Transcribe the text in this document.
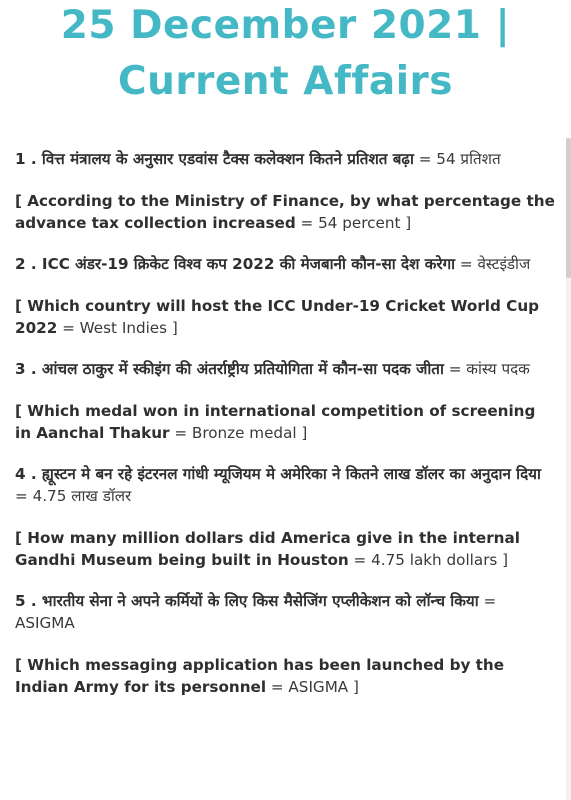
25 December 2021 |
Current Affairs

1 . वित्त मंत्रालय के अनुसार एडवांस टैक्स कलेक्शन कितने प्रतिशत बढ़ा = 54 प्रतिशत

[ According to the Ministry of Finance, by what percentage the advance tax collection increased = 54 percent ]

2 . ICC अंडर-19 क्रिकेट विश्व कप 2022 की मेजबानी कौन-सा देश करेगा = वेस्टइंडीज

[ Which country will host the ICC Under-19 Cricket World Cup 2022 = West Indies ]

3 . आंचल ठाकुर में स्कीइंग की अंतर्राष्ट्रीय प्रतियोगिता में कौन-सा पदक जीता = कांस्य पदक

[ Which medal won in international competition of screening in Aanchal Thakur = Bronze medal ]

4 . ह्यूस्टन मे बन रहे इंटरनल गांधी म्यूजियम मे अमेरिका ने कितने लाख डॉलर का अनुदान दिया = 4.75 लाख डॉलर

[ How many million dollars did America give in the internal Gandhi Museum being built in Houston = 4.75 lakh dollars ]

5 . भारतीय सेना ने अपने कर्मियों के लिए किस मैसेजिंग एप्लीकेशन को लॉन्च किया = ASIGMA

[ Which messaging application has been launched by the Indian Army for its personnel = ASIGMA ]
